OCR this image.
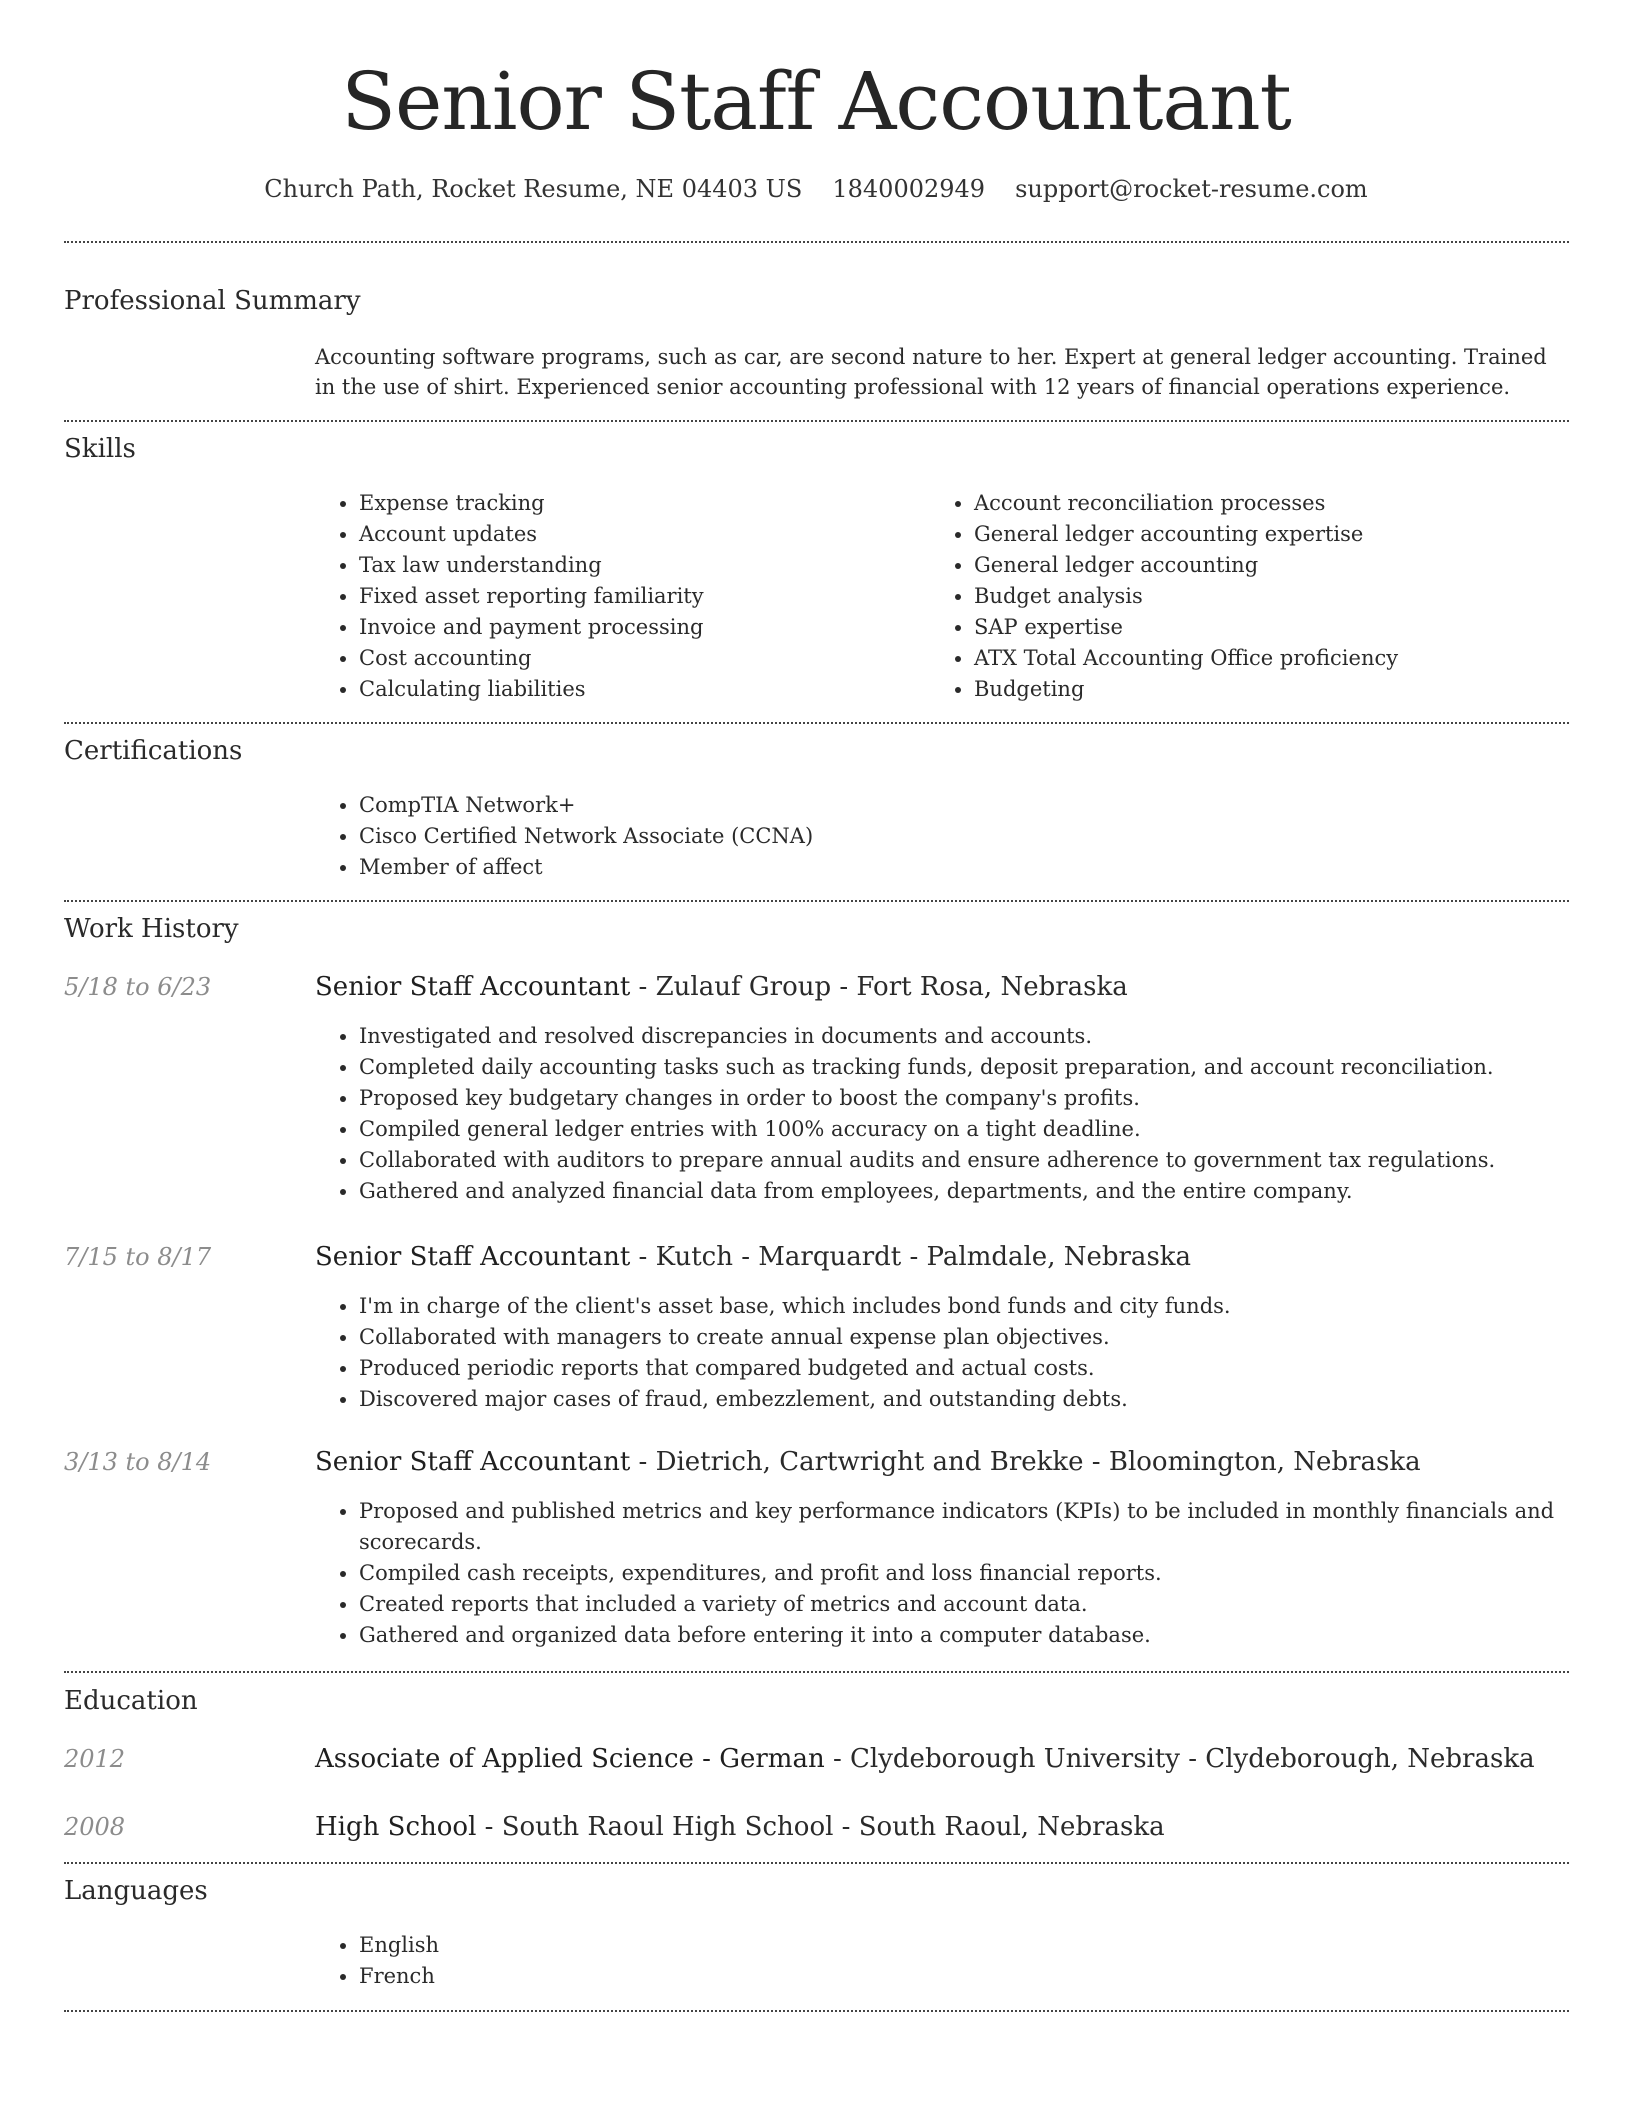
Senior Staff Accountant
Church Path, Rocket Resume, NE 04403 US 1840002949 support@rocket-resume.com
Professional Summary
Accounting software programs, such as car, are second nature to her. Expert at general ledger accounting. Trained in the use of shirt. Experienced senior accounting professional with 12 years of financial operations experience.
Skills
• Expense tracking
• Account updates
• Tax law understanding
• Fixed asset reporting familiarity
• Invoice and payment processing
• Cost accounting
• Calculating liabilities
• Account reconciliation processes
• General ledger accounting expertise
• General ledger accounting
• Budget analysis
• SAP expertise
• ATX Total Accounting Office proficiency
• Budgeting
Certifications
• CompTIA Network+
• Cisco Certified Network Associate (CCNA)
• Member of affect
Work History
5/18 to 6/23	Senior Staff Accountant - Zulauf Group - Fort Rosa, Nebraska
• Investigated and resolved discrepancies in documents and accounts.
• Completed daily accounting tasks such as tracking funds, deposit preparation, and account reconciliation.
• Proposed key budgetary changes in order to boost the company's profits.
• Compiled general ledger entries with 100% accuracy on a tight deadline.
• Collaborated with auditors to prepare annual audits and ensure adherence to government tax regulations.
• Gathered and analyzed financial data from employees, departments, and the entire company.
7/15 to 8/17	Senior Staff Accountant - Kutch - Marquardt - Palmdale, Nebraska
• I'm in charge of the client's asset base, which includes bond funds and city funds.
• Collaborated with managers to create annual expense plan objectives.
• Produced periodic reports that compared budgeted and actual costs.
• Discovered major cases of fraud, embezzlement, and outstanding debts.
3/13 to 8/14	Senior Staff Accountant - Dietrich, Cartwright and Brekke - Bloomington, Nebraska
• Proposed and published metrics and key performance indicators (KPIs) to be included in monthly financials and scorecards.
• Compiled cash receipts, expenditures, and profit and loss financial reports.
• Created reports that included a variety of metrics and account data.
• Gathered and organized data before entering it into a computer database.
Education
2012	Associate of Applied Science - German - Clydeborough University - Clydeborough, Nebraska
2008	High School - South Raoul High School - South Raoul, Nebraska
Languages
• English
• French
